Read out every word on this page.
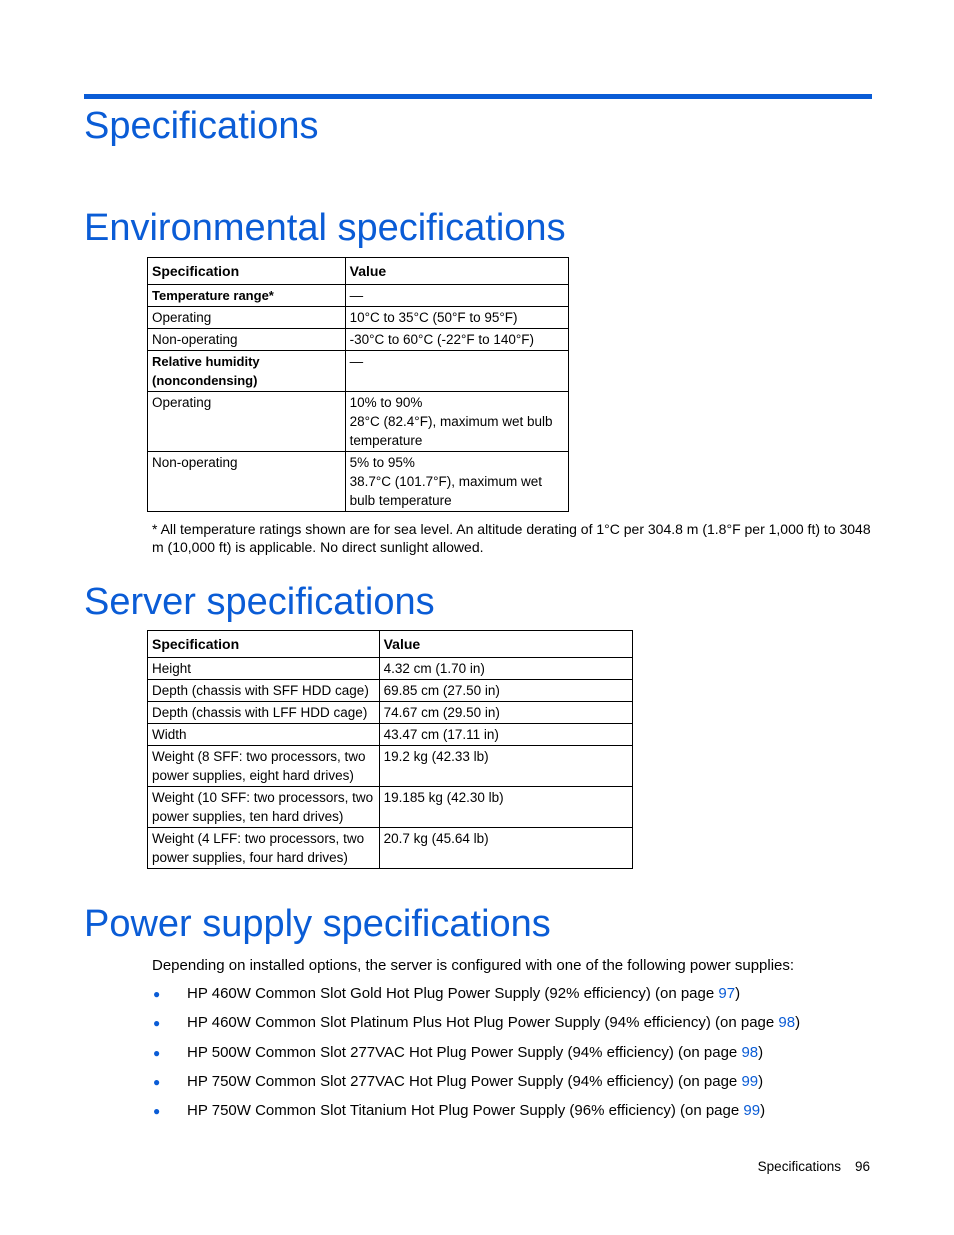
Specifications
Environmental specifications
Specification	Value
Temperature range*	—
Operating	10°C to 35°C (50°F to 95°F)
Non-operating	-30°C to 60°C (-22°F to 140°F)
Relative humidity (noncondensing)	—
Operating	10% to 90%
28°C (82.4°F), maximum wet bulb temperature

Non-operating	5% to 95%
38.7°C (101.7°F), maximum wet bulb temperature
* All temperature ratings shown are for sea level. An altitude derating of 1°C per 304.8 m (1.8°F per 1,000 ft) to 3048 m (10,000 ft) is applicable. No direct sunlight allowed.
Server specifications
Specification	Value
Height	4.32 cm (1.70 in)
Depth (chassis with SFF HDD cage)	69.85 cm (27.50 in)
Depth (chassis with LFF HDD cage)	74.67 cm (29.50 in)
Width	43.47 cm (17.11 in)
Weight (8 SFF: two processors, two power supplies, eight hard drives)	19.2 kg (42.33 lb)
Weight (10 SFF: two processors, two power supplies, ten hard drives)	19.185 kg (42.30 lb)
Weight (4 LFF: two processors, two power supplies, four hard drives)	20.7 kg (45.64 lb)
Power supply specifications
Depending on installed options, the server is configured with one of the following power supplies:
● HP 460W Common Slot Gold Hot Plug Power Supply (92% efficiency) (on page 97)
● HP 460W Common Slot Platinum Plus Hot Plug Power Supply (94% efficiency) (on page 98)
● HP 500W Common Slot 277VAC Hot Plug Power Supply (94% efficiency) (on page 98)
● HP 750W Common Slot 277VAC Hot Plug Power Supply (94% efficiency) (on page 99)
● HP 750W Common Slot Titanium Hot Plug Power Supply (96% efficiency) (on page 99)
Specifications 96
